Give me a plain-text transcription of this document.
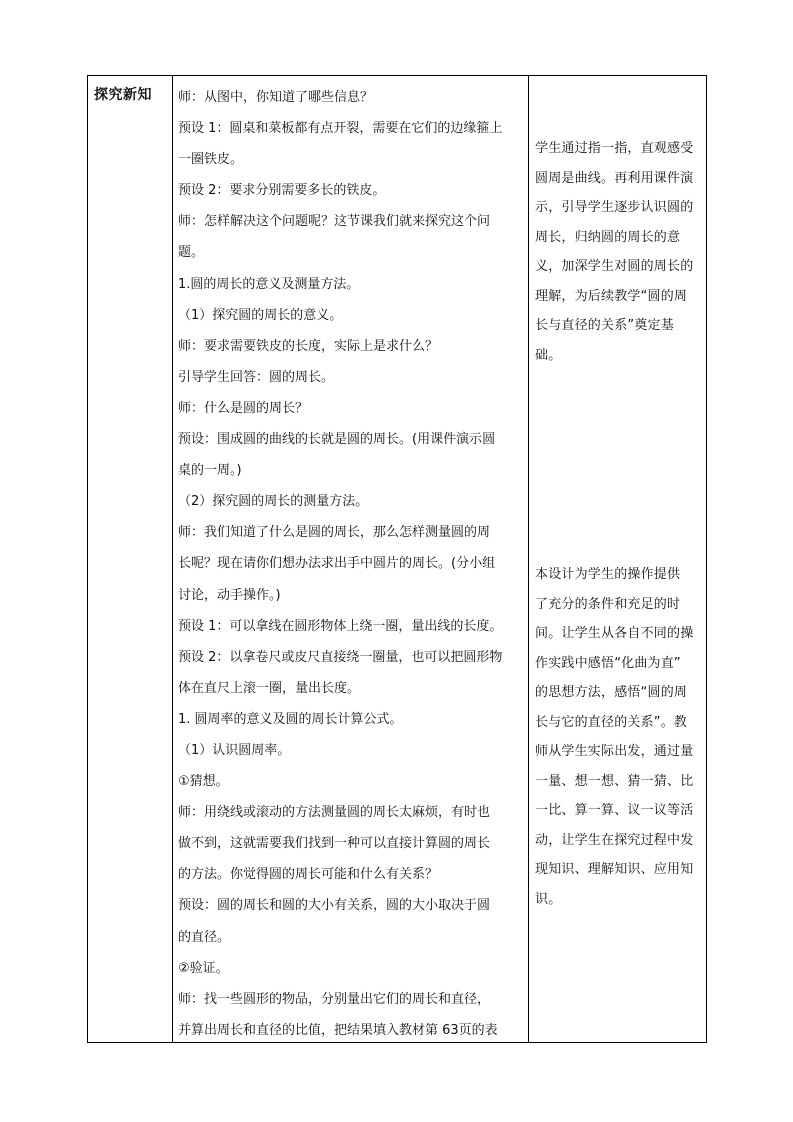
探究新知 师：从图中，你知道了哪些信息？
预设 1：圆桌和菜板都有点开裂，需要在它们的边缘箍上
一圈铁皮。
预设 2：要求分别需要多长的铁皮。
师：怎样解决这个问题呢？这节课我们就来探究这个问
题。
1.圆的周长的意义及测量方法。
（1）探究圆的周长的意义。
师：要求需要铁皮的长度，实际上是求什么？
引导学生回答：圆的周长。
师：什么是圆的周长？
预设：围成圆的曲线的长就是圆的周长。(用课件演示圆
桌的一周。)
（2）探究圆的周长的测量方法。
师：我们知道了什么是圆的周长，那么怎样测量圆的周
长呢？现在请你们想办法求出手中圆片的周长。(分小组
讨论，动手操作。)
预设 1：可以拿线在圆形物体上绕一圈，量出线的长度。
预设 2：以拿卷尺或皮尺直接绕一圈量，也可以把圆形物
体在直尺上滚一圈，量出长度。
1. 圆周率的意义及圆的周长计算公式。
（1）认识圆周率。
①猜想。
师：用绕线或滚动的方法测量圆的周长太麻烦，有时也
做不到，这就需要我们找到一种可以直接计算圆的周长
的方法。你觉得圆的周长可能和什么有关系？
预设：圆的周长和圆的大小有关系，圆的大小取决于圆
的直径。
②验证。
师：找一些圆形的物品，分别量出它们的周长和直径，
并算出周长和直径的比值，把结果填入教材第 63页的表
学生通过指一指，直观感受
圆周是曲线。再利用课件演
示，引导学生逐步认识圆的
周长，归纳圆的周长的意
义，加深学生对圆的周长的
理解，为后续教学“圆的周
长与直径的关系”奠定基
础。
本设计为学生的操作提供
了充分的条件和充足的时
间。让学生从各自不同的操
作实践中感悟“化曲为直”
的思想方法，感悟“圆的周
长与它的直径的关系”。教
师从学生实际出发，通过量
一量、想一想、猜一猜、比
一比、算一算、议一议等活
动，让学生在探究过程中发
现知识、理解知识、应用知
识。
